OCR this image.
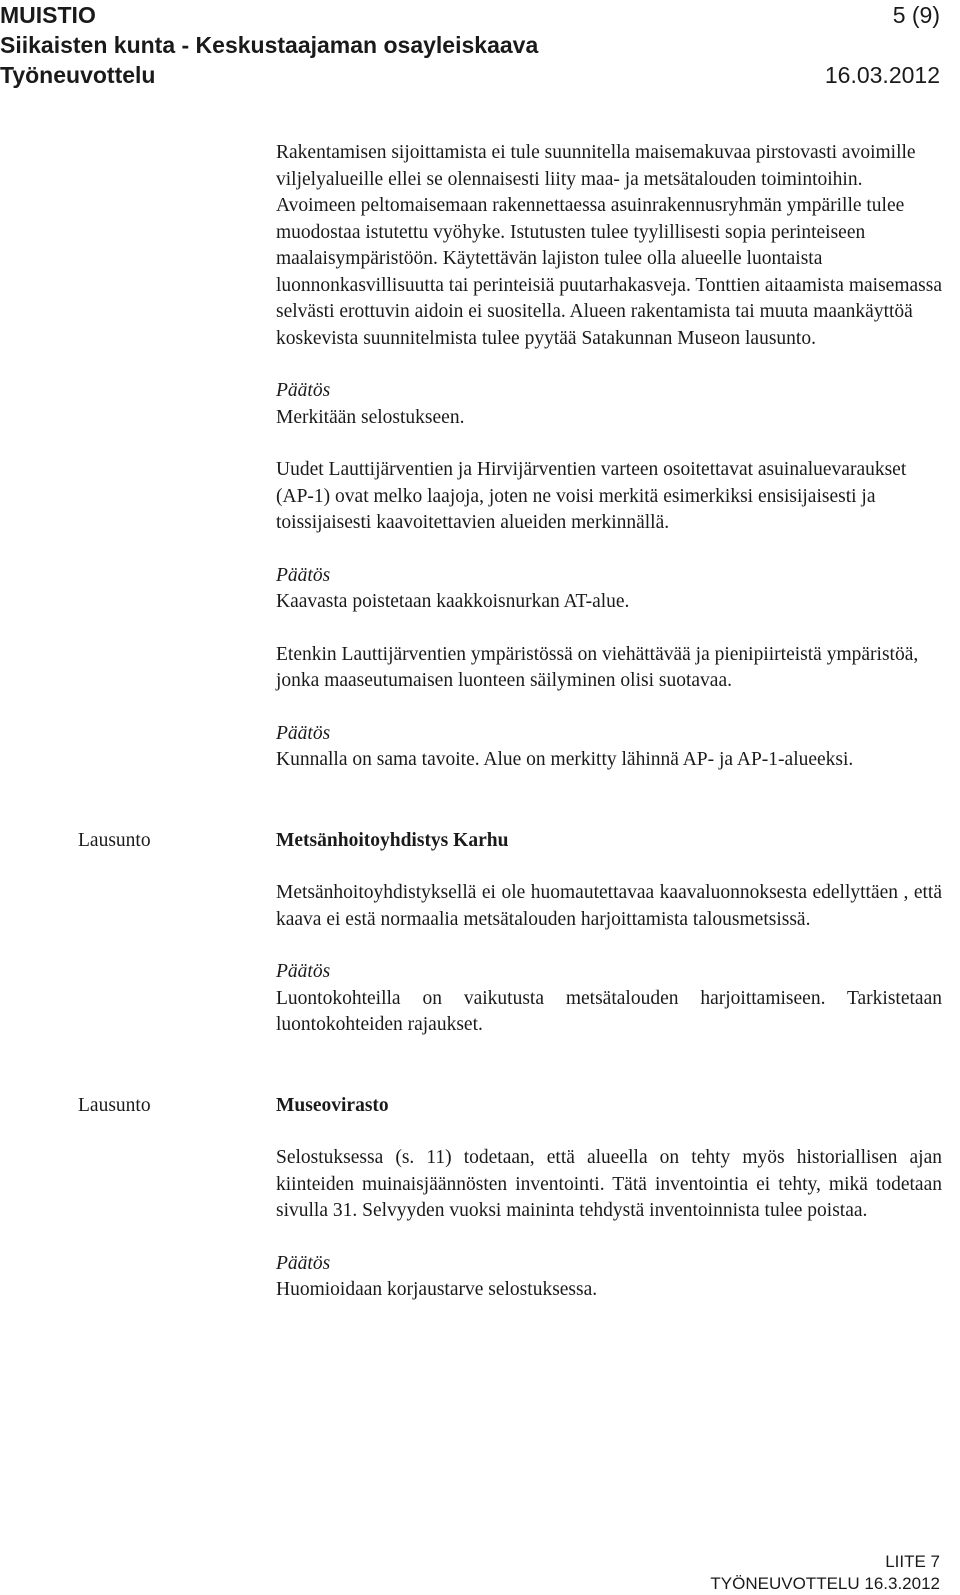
MUISTIO	5 (9)
Siikaisten kunta - Keskustaajaman osayleiskaava
Työneuvottelu	16.03.2012

Rakentamisen sijoittamista ei tule suunnitella maisemakuvaa pirstovasti avoimille viljelyalueille ellei se olennaisesti liity maa- ja metsätalouden toimintoihin. Avoimeen peltomaisemaan rakennettaessa asuinrakennusryhmän ympärille tulee muodostaa istutettu vyöhyke. Istutusten tulee tyylillisesti sopia perinteiseen maalaisympäristöön. Käytettävän lajiston tulee olla alueelle luontaista luonnonkasvillisuutta tai perinteisiä puutarhakasveja. Tonttien aitaamista maisemassa selvästi erottuvin aidoin ei suositella. Alueen rakentamista tai muuta maankäyttöä koskevista suunnitelmista tulee pyytää Satakunnan Museon lausunto.

Päätös

Merkitään selostukseen.

Uudet Lauttijärventien ja Hirvijärventien varteen osoitettavat asuinaluevaraukset (AP-1) ovat melko laajoja, joten ne voisi merkitä esimerkiksi ensisijaisesti ja toissijaisesti kaavoitettavien alueiden merkinnällä.

Päätös

Kaavasta poistetaan kaakkoisnurkan AT-alue.

Etenkin Lauttijärventien ympäristössä on viehättävää ja pienipiirteistä ympäristöä, jonka maaseutumaisen luonteen säilyminen olisi suotavaa.

Päätös

Kunnalla on sama tavoite. Alue on merkitty lähinnä AP- ja AP-1-alueeksi.

Lausunto	Metsänhoitoyhdistys Karhu

Metsänhoitoyhdistyksellä ei ole huomautettavaa kaavaluonnoksesta edellyttäen , että kaava ei estä normaalia metsätalouden harjoittamista talousmetsissä.

Päätös

Luontokohteilla on vaikutusta metsätalouden harjoittamiseen. Tarkistetaan luontokohteiden rajaukset.

Lausunto	Museovirasto

Selostuksessa (s. 11) todetaan, että alueella on tehty myös historiallisen ajan kiinteiden muinaisjäännösten inventointi. Tätä inventointia ei tehty, mikä todetaan sivulla 31. Selvyyden vuoksi maininta tehdystä inventoinnista tulee poistaa.

Päätös

Huomioidaan korjaustarve selostuksessa.

LIITE 7
TYÖNEUVOTTELU 16.3.2012
